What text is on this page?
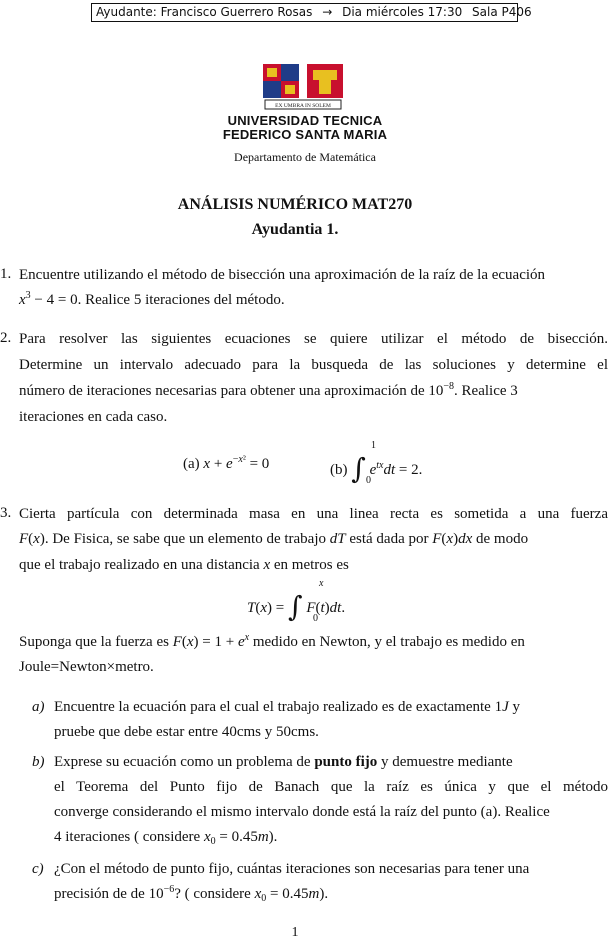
Ayudante: Francisco Guerrero Rosas → Dia miércoles 17:30 Sala P406
EX UMBRA IN SOLEM
UNIVERSIDAD TECNICA
FEDERICO SANTA MARIA
Departamento de Matemática
ANÁLISIS NUMÉRICO MAT270
Ayudantia 1.
1. Encuentre utilizando el método de bisección una aproximación de la raíz de la ecuación
$x^3 - 4 = 0$. Realice 5 iteraciones del método.
2. Para resolver las siguientes ecuaciones se quiere utilizar el método de bisección.
Determine un intervalo adecuado para la busqueda de las soluciones y determine el
número de iteraciones necesarias para obtener una aproximación de $10^{-8}$. Realice 3
iteraciones en cada caso.
(a) $x + e^{-x^2} = 0$	(b) ∫ $e^{tx}dt = 2$.
1
0
3. Cierta partícula con determinada masa en una linea recta es sometida a una fuerza
F(x). De Fisica, se sabe que un elemento de trabajo dT está dada por F(x)dx de modo
que el trabajo realizado en una distancia x en metros es
T(x) = ∫ F(t)dt.
x
0
Suponga que la fuerza es $F(x) = 1 + e^x$ medido en Newton, y el trabajo es medido en
Joule=Newton×metro.
a) Encuentre la ecuación para el cual el trabajo realizado es de exactamente 1J y
pruebe que debe estar entre 40cms y 50cms.
b) Exprese su ecuación como un problema de punto fijo y demuestre mediante
el Teorema del Punto fijo de Banach que la raíz es única y que el método
converge considerando el mismo intervalo donde está la raíz del punto (a). Realice
4 iteraciones ( considere $x_0 = 0.45m$).
c) ¿Con el método de punto fijo, cuántas iteraciones son necesarias para tener una
precisión de de $10^{-6}$? ( considere $x_0 = 0.45m$).
1
